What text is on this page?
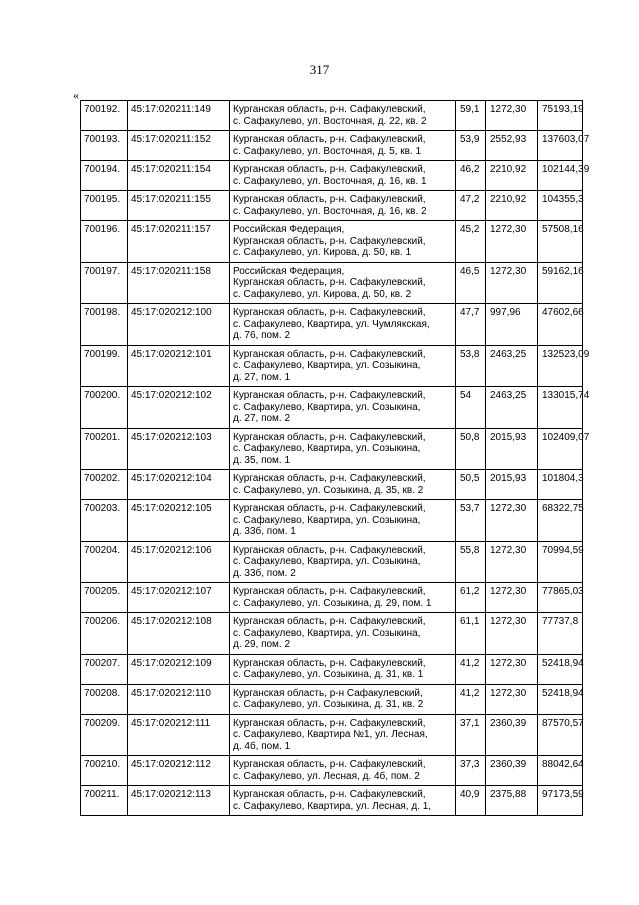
317
«
700192.	45:17:020211:149	Курганская область, р-н. Сафакулевский,
с. Сафакулево, ул. Восточная, д. 22, кв. 2	59,1	1272,30	75193,19
700193.	45:17:020211:152	Курганская область, р-н. Сафакулевский,
с. Сафакулево, ул. Восточная, д. 5, кв. 1	53,9	2552,93	137603,07
700194.	45:17:020211:154	Курганская область, р-н. Сафакулевский,
с. Сафакулево, ул. Восточная, д. 16, кв. 1	46,2	2210,92	102144,39
700195.	45:17:020211:155	Курганская область, р-н. Сафакулевский,
с. Сафакулево, ул. Восточная, д. 16, кв. 2	47,2	2210,92	104355,3
700196.	45:17:020211:157	Российская Федерация,
Курганская область, р-н. Сафакулевский,
с. Сафакулево, ул. Кирова, д. 50, кв. 1	45,2	1272,30	57508,16
700197.	45:17:020211:158	Российская Федерация,
Курганская область, р-н. Сафакулевский,
с. Сафакулево, ул. Кирова, д. 50, кв. 2	46,5	1272,30	59162,16
700198.	45:17:020212:100	Курганская область, р-н. Сафакулевский,
с. Сафакулево, Квартира, ул. Чумлякская,
д. 76, пом. 2	47,7	997,96	47602,66
700199.	45:17:020212:101	Курганская область, р-н. Сафакулевский,
с. Сафакулево, Квартира, ул. Созыкина,
д. 27, пом. 1	53,8	2463,25	132523,09
700200.	45:17:020212:102	Курганская область, р-н. Сафакулевский,
с. Сафакулево, Квартира, ул. Созыкина,
д. 27, пом. 2	54	2463,25	133015,74
700201.	45:17:020212:103	Курганская область, р-н. Сафакулевский,
с. Сафакулево, Квартира, ул. Созыкина,
д. 35, пом. 1	50,8	2015,93	102409,07
700202.	45:17:020212:104	Курганская область, р-н. Сафакулевский,
с. Сафакулево, ул. Созыкина, д. 35, кв. 2	50,5	2015,93	101804,3
700203.	45:17:020212:105	Курганская область, р-н. Сафакулевский,
с. Сафакулево, Квартира, ул. Созыкина,
д. 33б, пом. 1	53,7	1272,30	68322,75
700204.	45:17:020212:106	Курганская область, р-н. Сафакулевский,
с. Сафакулево, Квартира, ул. Созыкина,
д. 33б, пом. 2	55,8	1272,30	70994,59
700205.	45:17:020212:107	Курганская область, р-н. Сафакулевский,
с. Сафакулево, ул. Созыкина, д. 29, пом. 1	61,2	1272,30	77865,03
700206.	45:17:020212:108	Курганская область, р-н. Сафакулевский,
с. Сафакулево, Квартира, ул. Созыкина,
д. 29, пом. 2	61,1	1272,30	77737,8
700207.	45:17:020212:109	Курганская область, р-н. Сафакулевский,
с. Сафакулево, ул. Созыкина, д. 31, кв. 1	41,2	1272,30	52418,94
700208.	45:17:020212:110	Курганская область, р-н Сафакулевский,
с. Сафакулево, ул. Созыкина, д. 31, кв. 2	41,2	1272,30	52418,94
700209.	45:17:020212:111	Курганская область, р-н. Сафакулевский,
с. Сафакулево, Квартира №1, ул. Лесная,
д. 4б, пом. 1	37,1	2360,39	87570,57
700210.	45:17:020212:112	Курганская область, р-н. Сафакулевский,
с. Сафакулево, ул. Лесная, д. 4б, пом. 2	37,3	2360,39	88042,64
700211.	45:17:020212:113	Курганская область, р-н. Сафакулевский,
с. Сафакулево, Квартира, ул. Лесная, д. 1,	40,9	2375,88	97173,59
